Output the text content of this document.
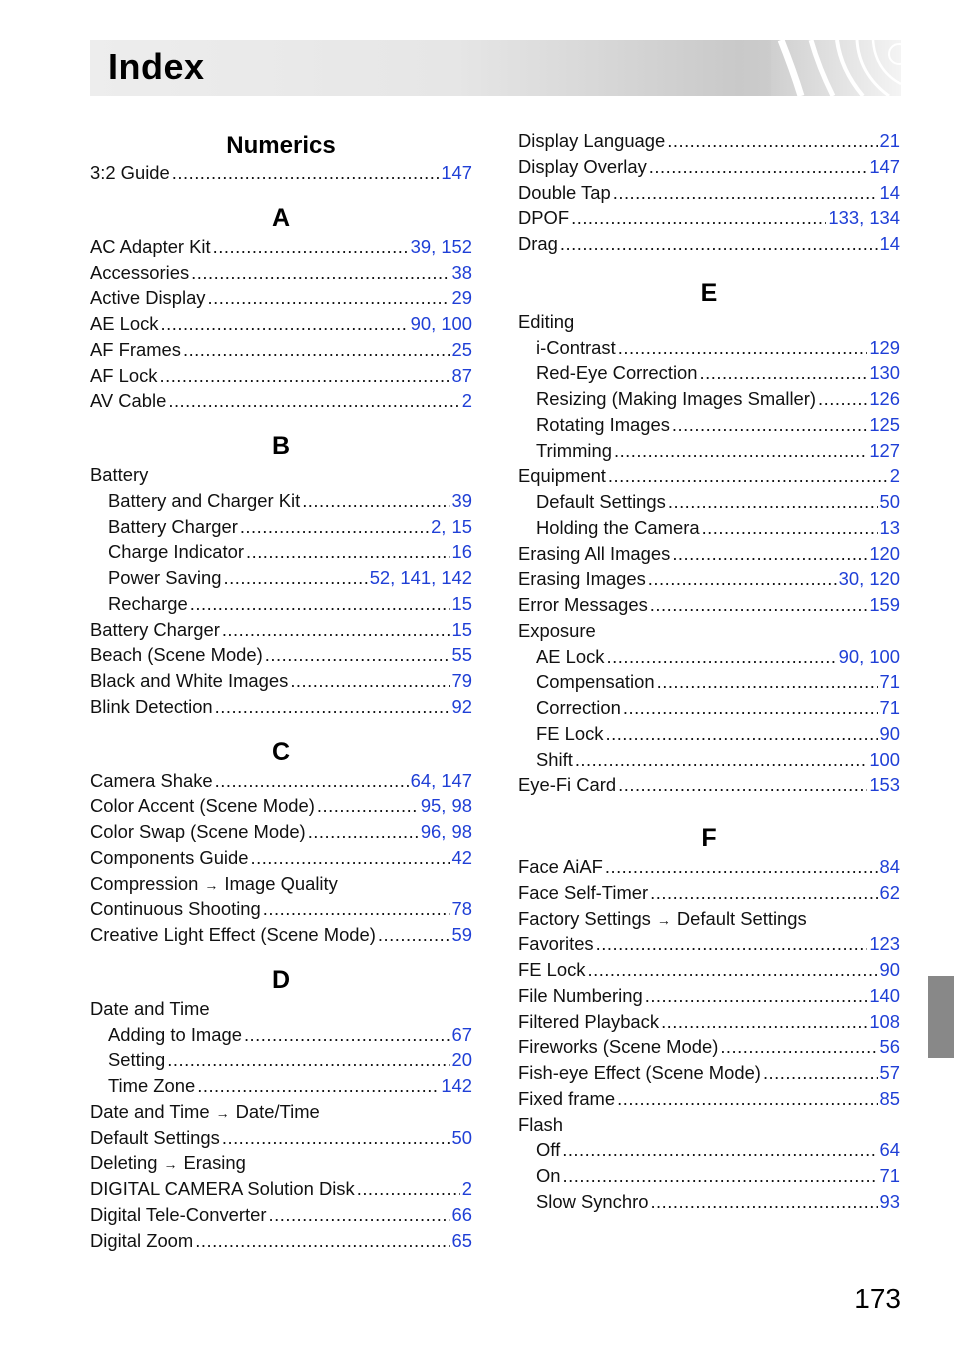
Index
Numerics
3:2 Guide .....	147
A
AC Adapter Kit .....	39, 152
Accessories .....	38
Active Display .....	29
AE Lock .....	90, 100
AF Frames .....	25
AF Lock .....	87
AV Cable .....	2
B
Battery
Battery and Charger Kit .....	39
Battery Charger .....	2, 15
Charge Indicator .....	16
Power Saving .....	52, 141, 142
Recharge .....	15
Battery Charger .....	15
Beach (Scene Mode) .....	55
Black and White Images .....	79
Blink Detection .....	92
C
Camera Shake .....	64, 147
Color Accent (Scene Mode) .....	95, 98
Color Swap (Scene Mode) .....	96, 98
Components Guide .....	42
Compression → Image Quality
Continuous Shooting .....	78
Creative Light Effect (Scene Mode) .....	59
D
Date and Time
Adding to Image .....	67
Setting .....	20
Time Zone .....	142
Date and Time → Date/Time
Default Settings .....	50
Deleting → Erasing
DIGITAL CAMERA Solution Disk .....	2
Digital Tele-Converter .....	66
Digital Zoom .....	65
Display Language .....	21
Display Overlay .....	147
Double Tap .....	14
DPOF .....	133, 134
Drag .....	14
E
Editing
i-Contrast .....	129
Red-Eye Correction .....	130
Resizing (Making Images Smaller) .....	126
Rotating Images .....	125
Trimming .....	127
Equipment .....	2
Default Settings .....	50
Holding the Camera .....	13
Erasing All Images .....	120
Erasing Images .....	30, 120
Error Messages .....	159
Exposure
AE Lock .....	90, 100
Compensation .....	71
Correction .....	71
FE Lock .....	90
Shift .....	100
Eye-Fi Card .....	153
F
Face AiAF .....	84
Face Self-Timer .....	62
Factory Settings → Default Settings
Favorites .....	123
FE Lock .....	90
File Numbering .....	140
Filtered Playback .....	108
Fireworks (Scene Mode) .....	56
Fish-eye Effect (Scene Mode) .....	57
Fixed frame .....	85
Flash
Off .....	64
On .....	71
Slow Synchro .....	93
173
